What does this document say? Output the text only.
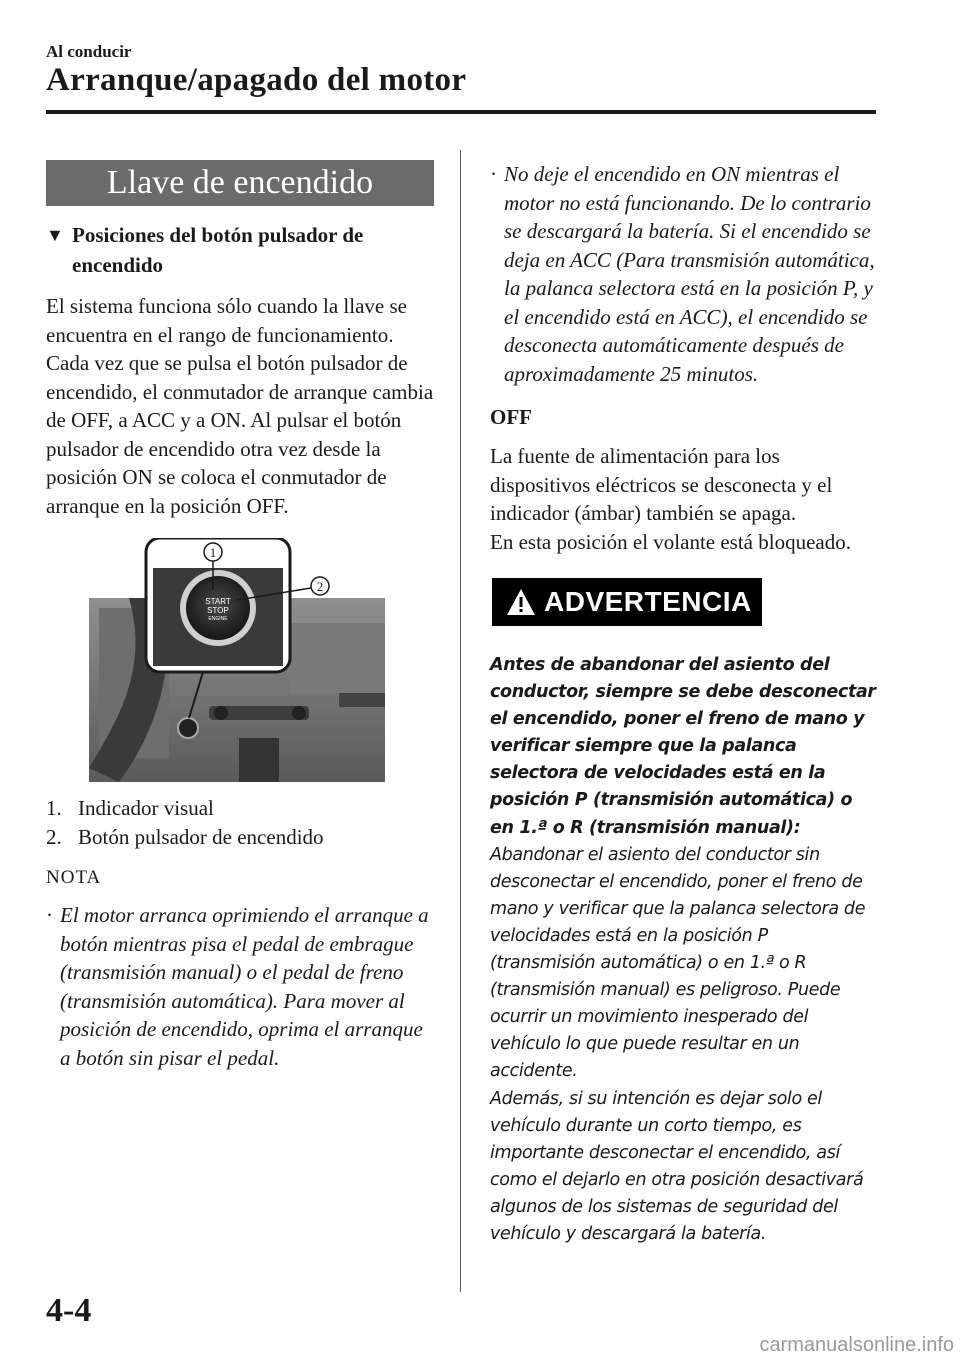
Al conducir
Arranque/apagado del motor
Llave de encendido
▼ Posiciones del botón pulsador de encendido
El sistema funciona sólo cuando la llave se encuentra en el rango de funcionamiento. Cada vez que se pulsa el botón pulsador de encendido, el conmutador de arranque cambia de OFF, a ACC y a ON. Al pulsar el botón pulsador de encendido otra vez desde la posición ON se coloca el conmutador de arranque en la posición OFF.
START
STOP
ENGINE
1
2
1. Indicador visual
2. Botón pulsador de encendido
NOTA
· El motor arranca oprimiendo el arranque a botón mientras pisa el pedal de embrague (transmisión manual) o el pedal de freno (transmisión automática). Para mover al posición de encendido, oprima el arranque a botón sin pisar el pedal.
· No deje el encendido en ON mientras el motor no está funcionando. De lo contrario se descargará la batería. Si el encendido se deja en ACC (Para transmisión automática, la palanca selectora está en la posición P, y el encendido está en ACC), el encendido se desconecta automáticamente después de aproximadamente 25 minutos.
OFF
La fuente de alimentación para los dispositivos eléctricos se desconecta y el indicador (ámbar) también se apaga.
En esta posición el volante está bloqueado.
ADVERTENCIA
Antes de abandonar del asiento del conductor, siempre se debe desconectar el encendido, poner el freno de mano y verificar siempre que la palanca selectora de velocidades está en la posición P (transmisión automática) o en 1.ª o R (transmisión manual):
Abandonar el asiento del conductor sin desconectar el encendido, poner el freno de mano y verificar que la palanca selectora de velocidades está en la posición P (transmisión automática) o en 1.ª o R (transmisión manual) es peligroso. Puede ocurrir un movimiento inesperado del vehículo lo que puede resultar en un accidente.
Además, si su intención es dejar solo el vehículo durante un corto tiempo, es importante desconectar el encendido, así como el dejarlo en otra posición desactivará algunos de los sistemas de seguridad del vehículo y descargará la batería.
4-4
carmanualsonline.info
